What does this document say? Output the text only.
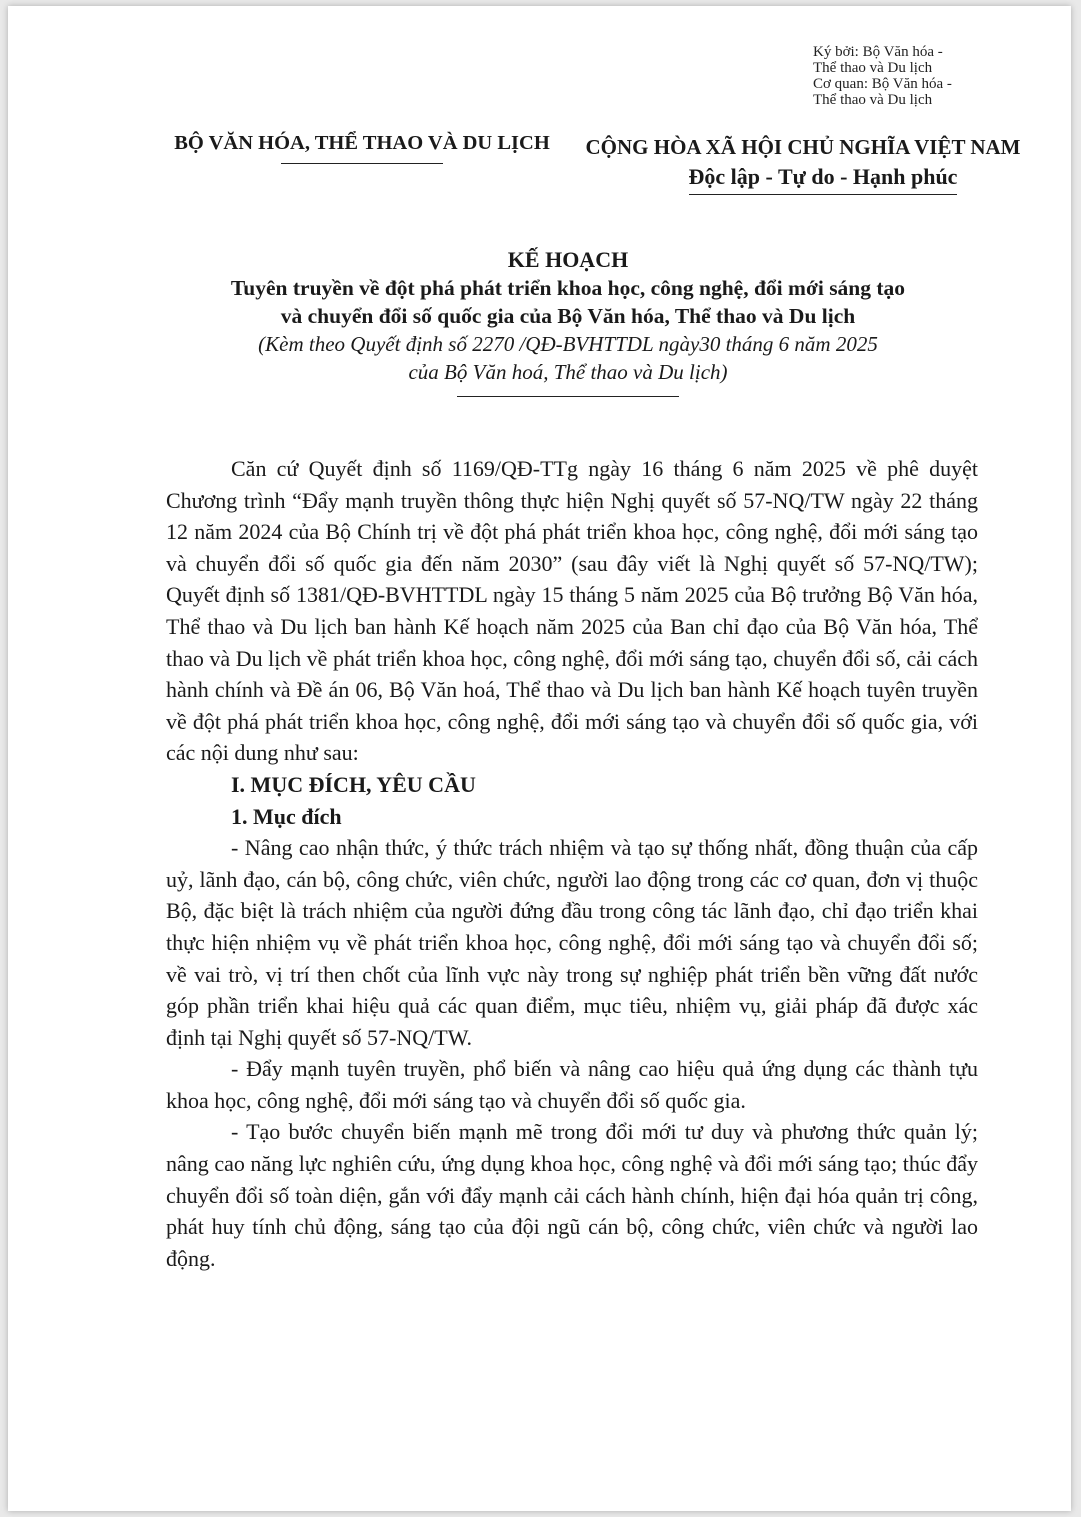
Ký bởi: Bộ Văn hóa -
Thể thao và Du lịch
Cơ quan: Bộ Văn hóa -
Thể thao và Du lịch
BỘ VĂN HÓA, THỂ THAO VÀ DU LỊCH	CỘNG HÒA XÃ HỘI CHỦ NGHĨA VIỆT NAM
Độc lập - Tự do - Hạnh phúc
KẾ HOẠCH
Tuyên truyền về đột phá phát triển khoa học, công nghệ, đổi mới sáng tạo
và chuyển đổi số quốc gia của Bộ Văn hóa, Thể thao và Du lịch
(Kèm theo Quyết định số 2270 /QĐ-BVHTTDL ngày30 tháng 6 năm 2025
của Bộ Văn hoá, Thể thao và Du lịch)

Căn cứ Quyết định số 1169/QĐ-TTg ngày 16 tháng 6 năm 2025 về phê duyệt Chương trình “Đẩy mạnh truyền thông thực hiện Nghị quyết số 57-NQ/TW ngày 22 tháng 12 năm 2024 của Bộ Chính trị về đột phá phát triển khoa học, công nghệ, đổi mới sáng tạo và chuyển đổi số quốc gia đến năm 2030” (sau đây viết là Nghị quyết số 57-NQ/TW); Quyết định số 1381/QĐ-BVHTTDL ngày 15 tháng 5 năm 2025 của Bộ trưởng Bộ Văn hóa, Thể thao và Du lịch ban hành Kế hoạch năm 2025 của Ban chỉ đạo của Bộ Văn hóa, Thể thao và Du lịch về phát triển khoa học, công nghệ, đổi mới sáng tạo, chuyển đổi số, cải cách hành chính và Đề án 06, Bộ Văn hoá, Thể thao và Du lịch ban hành Kế hoạch tuyên truyền về đột phá phát triển khoa học, công nghệ, đổi mới sáng tạo và chuyển đổi số quốc gia, với các nội dung như sau:

I. MỤC ĐÍCH, YÊU CẦU
1. Mục đích

- Nâng cao nhận thức, ý thức trách nhiệm và tạo sự thống nhất, đồng thuận của cấp uỷ, lãnh đạo, cán bộ, công chức, viên chức, người lao động trong các cơ quan, đơn vị thuộc Bộ, đặc biệt là trách nhiệm của người đứng đầu trong công tác lãnh đạo, chỉ đạo triển khai thực hiện nhiệm vụ về phát triển khoa học, công nghệ, đổi mới sáng tạo và chuyển đổi số; về vai trò, vị trí then chốt của lĩnh vực này trong sự nghiệp phát triển bền vững đất nước góp phần triển khai hiệu quả các quan điểm, mục tiêu, nhiệm vụ, giải pháp đã được xác định tại Nghị quyết số 57-NQ/TW.

- Đẩy mạnh tuyên truyền, phổ biến và nâng cao hiệu quả ứng dụng các thành tựu khoa học, công nghệ, đổi mới sáng tạo và chuyển đổi số quốc gia.

- Tạo bước chuyển biến mạnh mẽ trong đổi mới tư duy và phương thức quản lý; nâng cao năng lực nghiên cứu, ứng dụng khoa học, công nghệ và đổi mới sáng tạo; thúc đẩy chuyển đổi số toàn diện, gắn với đẩy mạnh cải cách hành chính, hiện đại hóa quản trị công, phát huy tính chủ động, sáng tạo của đội ngũ cán bộ, công chức, viên chức và người lao động.
